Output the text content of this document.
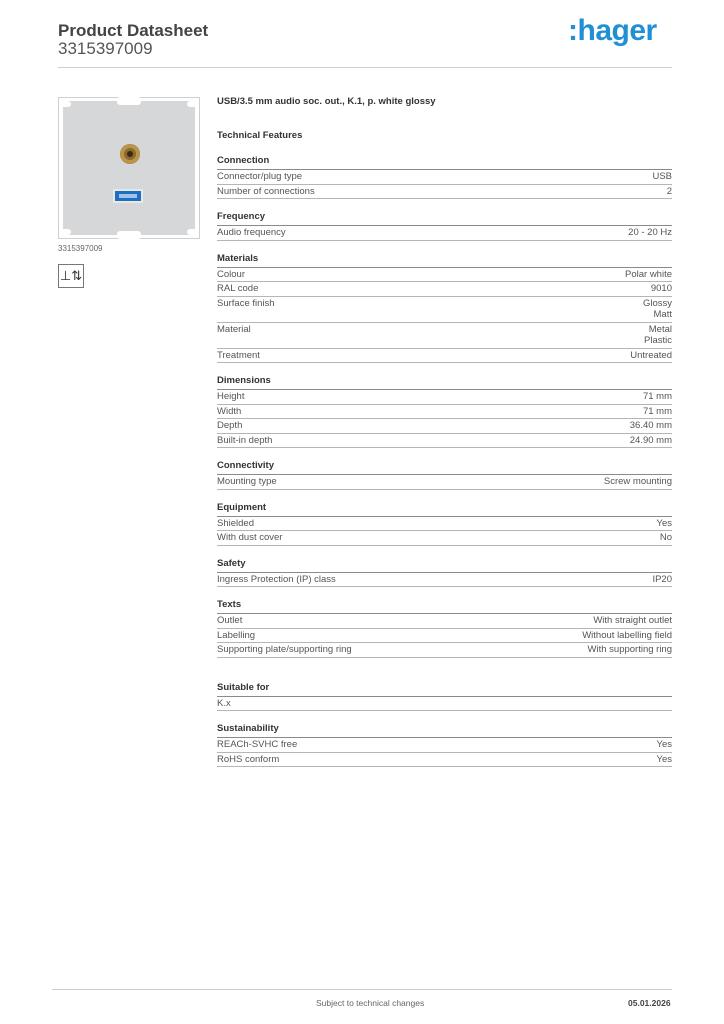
Product Datasheet
3315397009
:hager
3315397009
⊥⇅
USB/3.5 mm audio soc. out., K.1, p. white glossy
Technical Features
Connection
Connector/plug type	USB
Number of connections	2
Frequency
Audio frequency	20 - 20 Hz
Materials
Colour	Polar white
RAL code	9010
Surface finish	Glossy
Matt
Material	Metal
Plastic
Treatment	Untreated
Dimensions
Height	71 mm
Width	71 mm
Depth	36.40 mm
Built-in depth	24.90 mm
Connectivity
Mounting type	Screw mounting
Equipment
Shielded	Yes
With dust cover	No
Safety
Ingress Protection (IP) class	IP20
Texts
Outlet	With straight outlet
Labelling	Without labelling field
Supporting plate/supporting ring	With supporting ring
Suitable for
K.x
Sustainability
REACh-SVHC free	Yes
RoHS conform	Yes
Subject to technical changes	05.01.2026
